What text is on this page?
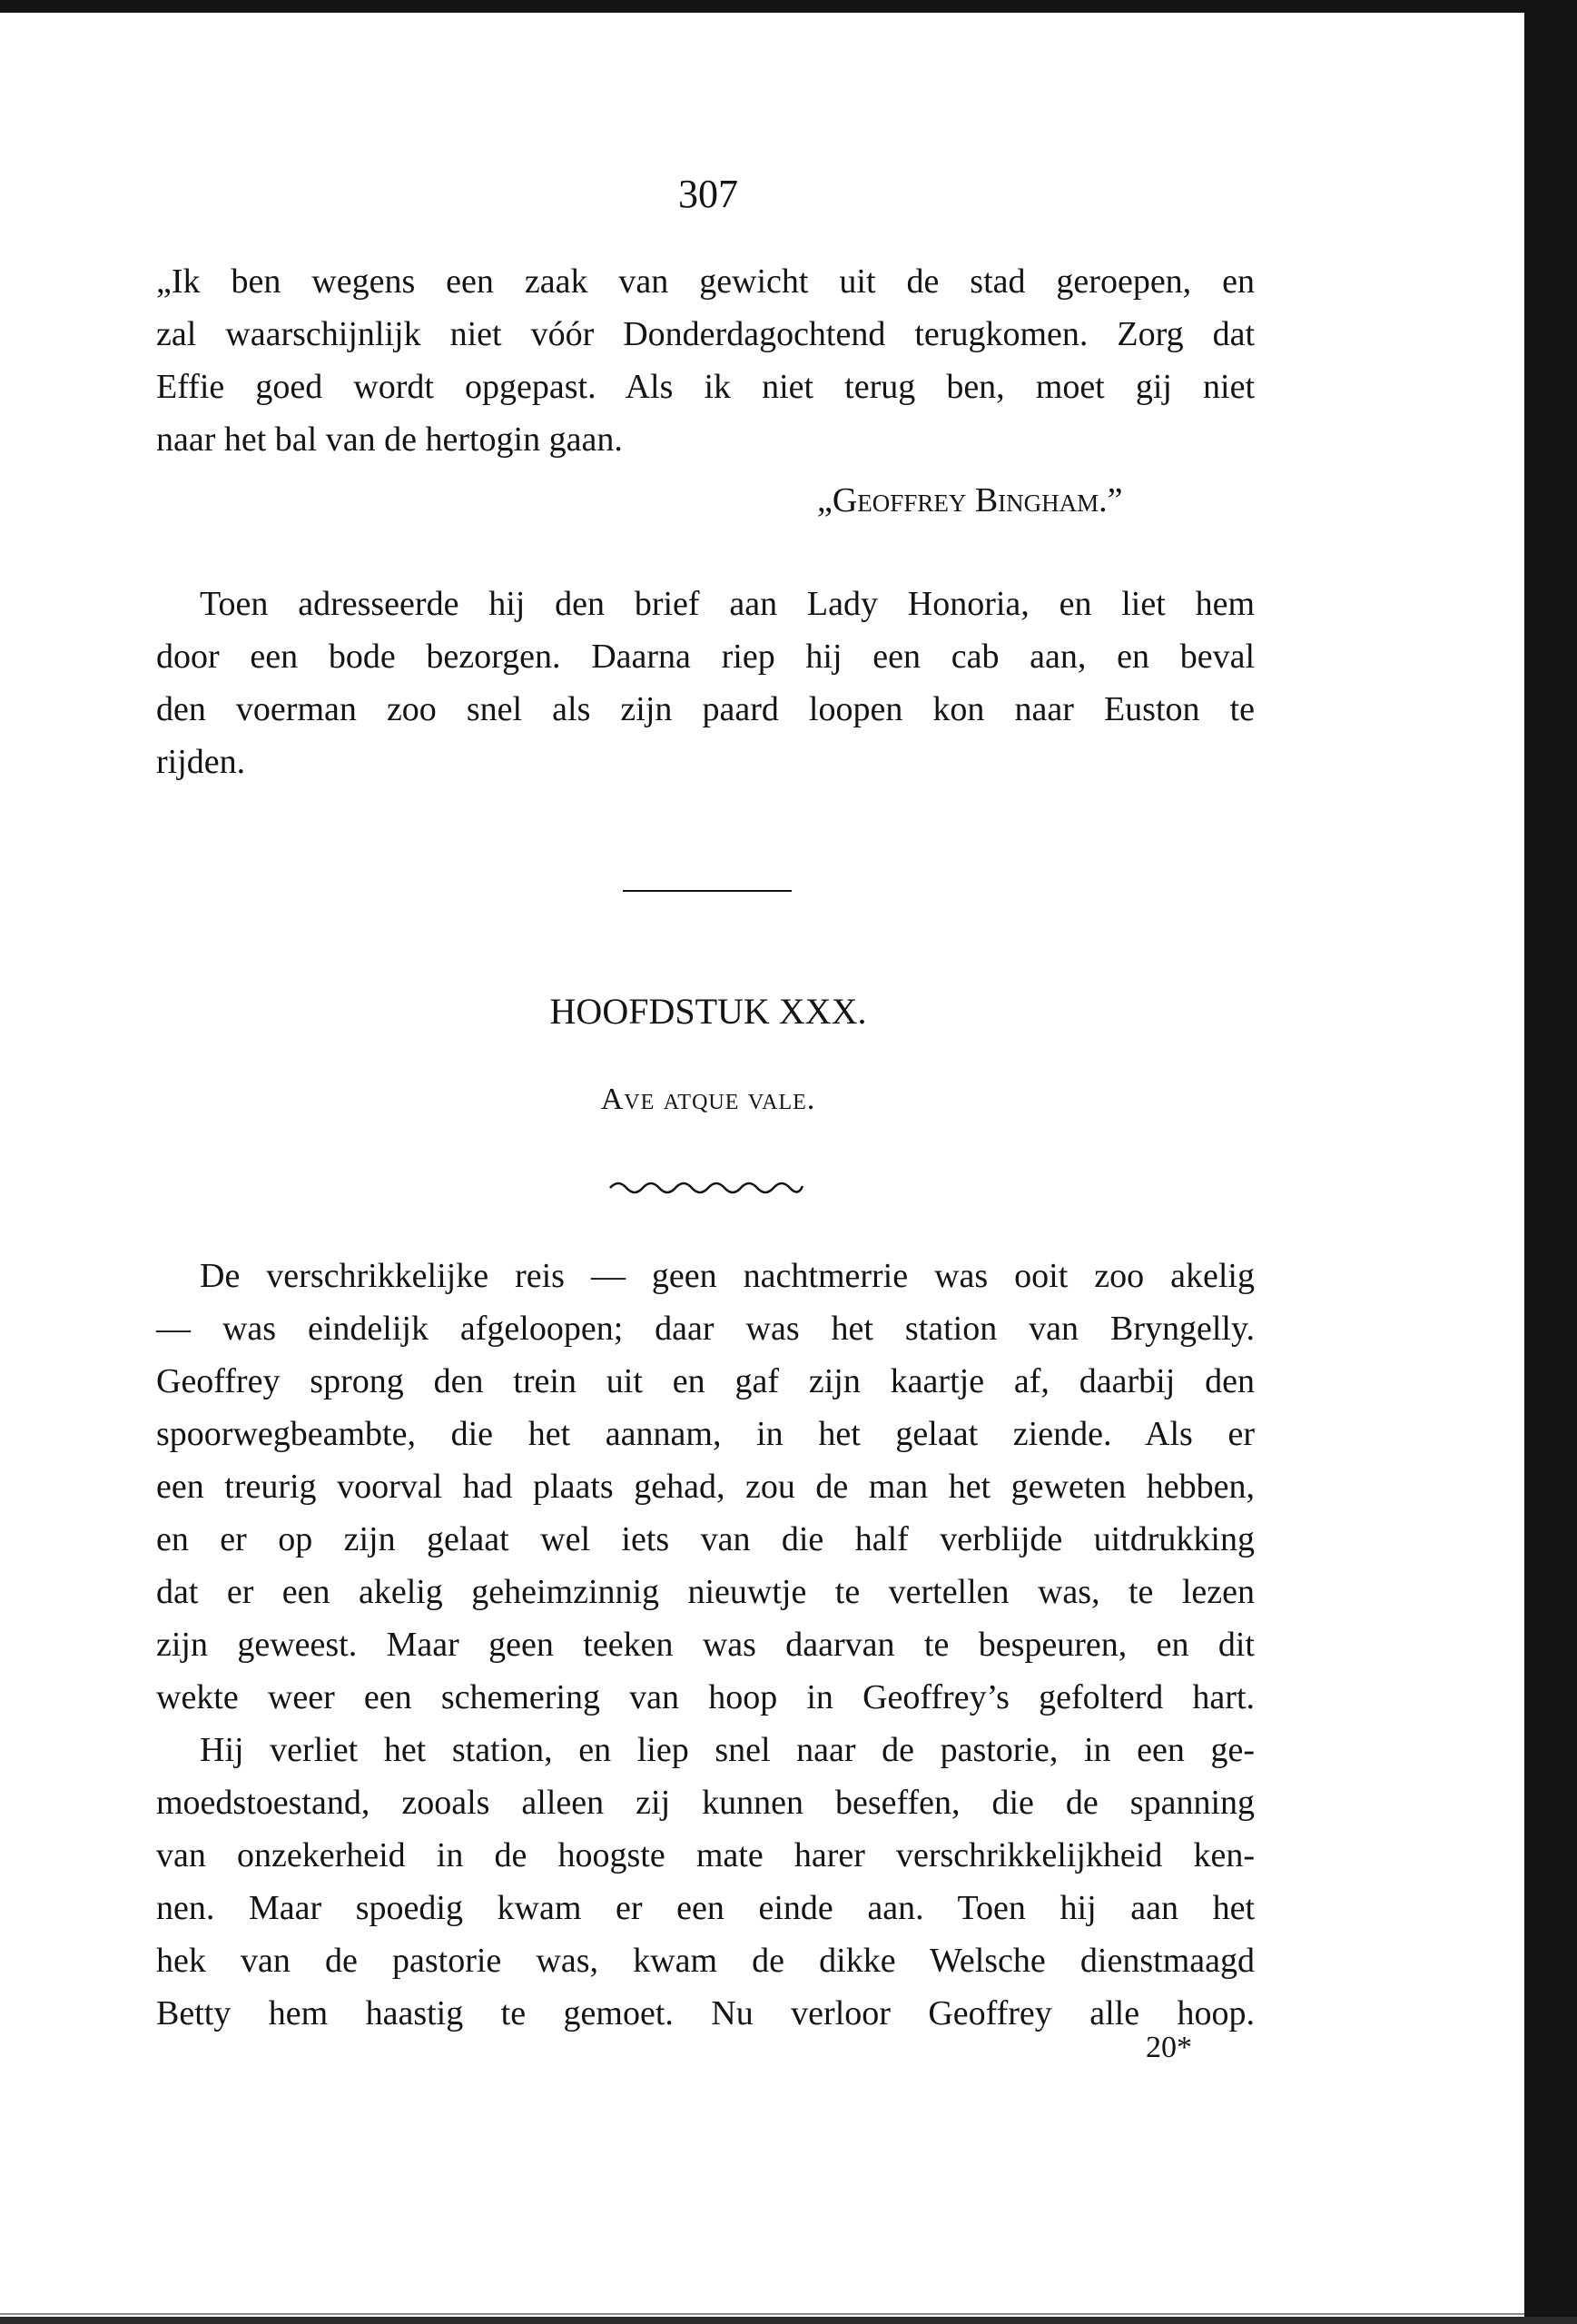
307
„Ik ben wegens een zaak van gewicht uit de stad geroepen, en
zal waarschijnlijk niet vóór Donderdagochtend terugkomen. Zorg dat
Effie goed wordt opgepast. Als ik niet terug ben, moet gij niet
naar het bal van de hertogin gaan.
„Geoffrey Bingham.”
Toen adresseerde hij den brief aan Lady Honoria, en liet hem
door een bode bezorgen. Daarna riep hij een cab aan, en beval
den voerman zoo snel als zijn paard loopen kon naar Euston te
rijden.
HOOFDSTUK XXX.
Ave atque vale.
De verschrikkelijke reis — geen nachtmerrie was ooit zoo akelig
— was eindelijk afgeloopen; daar was het station van Bryngelly.
Geoffrey sprong den trein uit en gaf zijn kaartje af, daarbij den
spoorwegbeambte, die het aannam, in het gelaat ziende. Als er
een treurig voorval had plaats gehad, zou de man het geweten hebben,
en er op zijn gelaat wel iets van die half verblijde uitdrukking
dat er een akelig geheimzinnig nieuwtje te vertellen was, te lezen
zijn geweest. Maar geen teeken was daarvan te bespeuren, en dit
wekte weer een schemering van hoop in Geoffrey’s gefolterd hart.
Hij verliet het station, en liep snel naar de pastorie, in een ge-
moedstoestand, zooals alleen zij kunnen beseffen, die de spanning
van onzekerheid in de hoogste mate harer verschrikkelijkheid ken-
nen. Maar spoedig kwam er een einde aan. Toen hij aan het
hek van de pastorie was, kwam de dikke Welsche dienstmaagd
Betty hem haastig te gemoet. Nu verloor Geoffrey alle hoop.
20*
